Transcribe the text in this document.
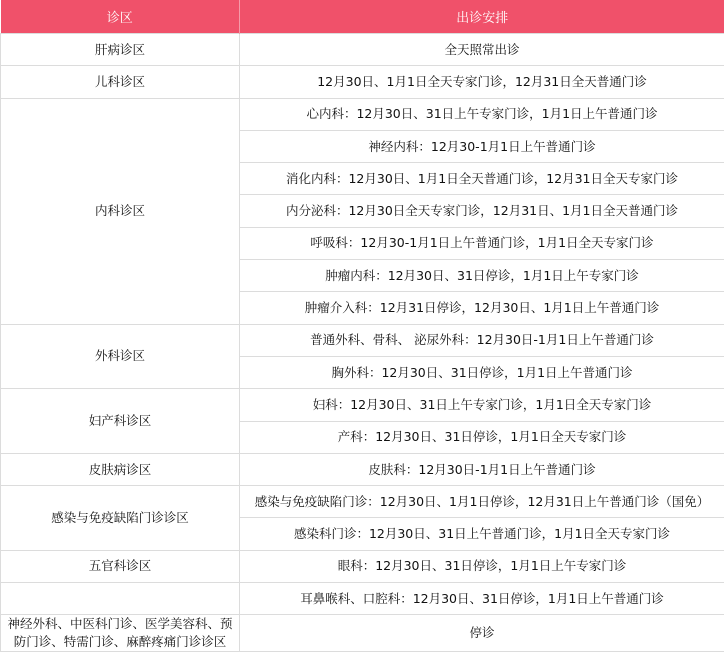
诊区	出诊安排
肝病诊区	全天照常出诊
儿科诊区	12月30日、1月1日全天专家门诊，12月31日全天普通门诊
内科诊区	心内科：12月30日、31日上午专家门诊，1月1日上午普通门诊
	神经内科：12月30-1月1日上午普通门诊
	消化内科：12月30日、1月1日全天普通门诊，12月31日全天专家门诊
	内分泌科：12月30日全天专家门诊，12月31日、1月1日全天普通门诊
	呼吸科：12月30-1月1日上午普通门诊，1月1日全天专家门诊
	肿瘤内科：12月30日、31日停诊，1月1日上午专家门诊
	肿瘤介入科：12月31日停诊，12月30日、1月1日上午普通门诊
外科诊区	普通外科、骨科、 泌尿外科：12月30日-1月1日上午普通门诊
	胸外科：12月30日、31日停诊，1月1日上午普通门诊
妇产科诊区	妇科：12月30日、31日上午专家门诊，1月1日全天专家门诊
	产科：12月30日、31日停诊，1月1日全天专家门诊
皮肤病诊区	皮肤科：12月30日-1月1日上午普通门诊
感染与免疫缺陷门诊诊区	感染与免疫缺陷门诊：12月30日、1月1日停诊，12月31日上午普通门诊（国免）
	感染科门诊：12月30日、31日上午普通门诊，1月1日全天专家门诊
五官科诊区	眼科：12月30日、31日停诊，1月1日上午专家门诊
	耳鼻喉科、口腔科：12月30日、31日停诊，1月1日上午普通门诊
神经外科、中医科门诊、医学美容科、预防门诊、特需门诊、麻醉疼痛门诊诊区	停诊
